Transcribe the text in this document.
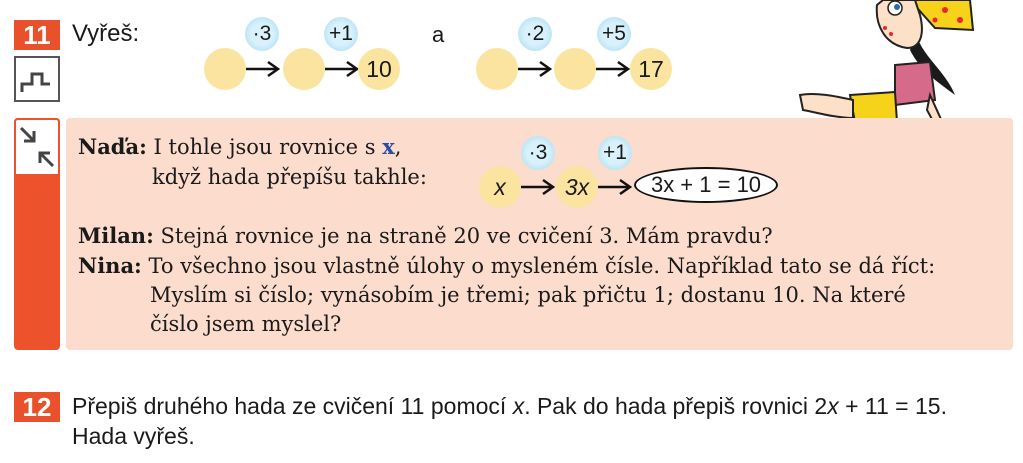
11 Vyřeš:	·3	+1
10
a	·2	+5
17
Naďa: I tohle jsou rovnice s x,
když hada přepíšu takhle:
·3	+1
x	3x	3x + 1 = 10
Milan: Stejná rovnice je na straně 20 ve cvičení 3. Mám pravdu?
Nina: To všechno jsou vlastně úlohy o mysleném čísle. Například tato se dá říct:
Myslím si číslo; vynásobím je třemi; pak přičtu 1; dostanu 10. Na které
číslo jsem myslel?
12 Přepiš druhého hada ze cvičení 11 pomocí x. Pak do hada přepiš rovnici 2x + 11 = 15.
Hada vyřeš.
